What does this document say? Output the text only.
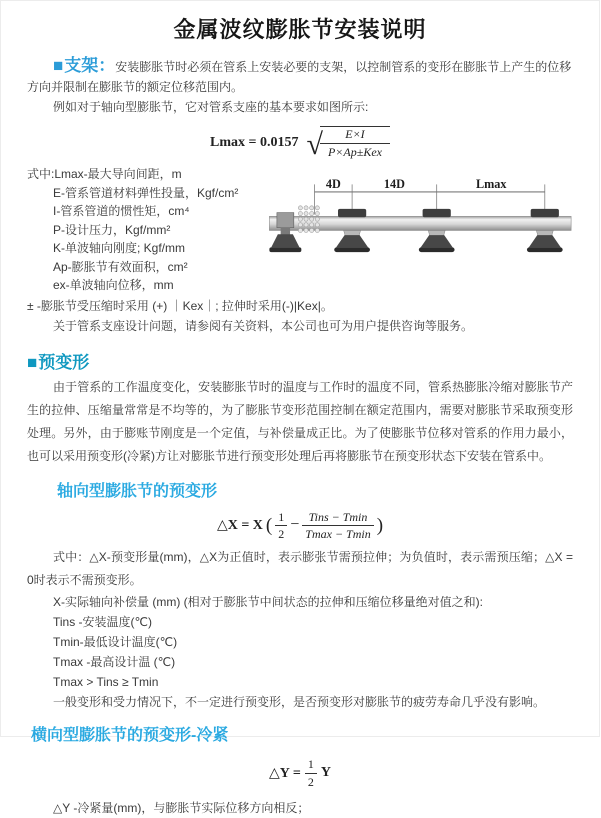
金属波纹膨胀节安装说明

■支架：安装膨胀节时必须在管系上安装必要的支架，以控制管系的变形在膨胀节上产生的位移方向并限制在膨胀节的额定位移范围内。

例如对于轴向型膨胀节，它对管系支座的基本要求如图所示:

Lmax = 0.0157 √
$\frac{E\times I}{\text{P×Ap±Kex}}$
式中:Lmax-最大导向间距，m
E-管系管道材料弹性投量，Kgf/cm²
I-管系管道的惯性矩，cm⁴
P-设计压力，Kgf/mm²
K-单波轴向刚度; Kgf/mm
Ap-膨胀节有效面积，cm²
ex-单波轴向位移，mm
4D	14D	Lmax

± -膨胀节受压缩时采用 (+) ｜Kex｜; 拉伸时采用(-)|Kex|。

关于管系支座设计问题，请参阅有关资料，本公司也可为用户提供咨询等服务。

■预变形

由于管系的工作温度变化，安装膨胀节时的温度与工作时的温度不同，管系热膨胀冷缩对膨胀节产生的拉伸、压缩量常常是不均等的，为了膨胀节变形范围控制在额定范围内，需要对膨胀节采取预变形处理。另外，由于膨账节刚度是一个定值，与补偿量成正比。为了使膨胀节位移对管系的作用力最小，也可以采用预变形(冷紧)方让对膨胀节进行预变形处理后再将膨胀节在预变形状态下安装在管系中。

轴向型膨胀节的预变形
△X = X ( $\frac{1}{2}$ − Tins − Tmin
Tmax − Tmin )

式中：△X-预变形量(mm)，△X为正值时，表示膨张节需预拉伸；为负值时，表示需预压缩；△X = 0时表示不需预变形。

X-实际轴向补偿量 (mm) (相对于膨胀节中间状态的拉伸和压缩位移量绝对值之和):
Tins -安装温度(℃)
Tmin-最低设计温度(℃)
Tmax -最高设计温 (℃)
Tmax > Tins ≥ Tmin
一般变形和受力情况下，不一定进行预变形，是否预变形对膨胀节的疲劳寿命几乎没有影响。
横向型膨胀节的预变形-冷紧
△Y = $\frac{1}{2}$ Y

△Y -冷紧量(mm)，与膨胀节实际位移方向相反；
